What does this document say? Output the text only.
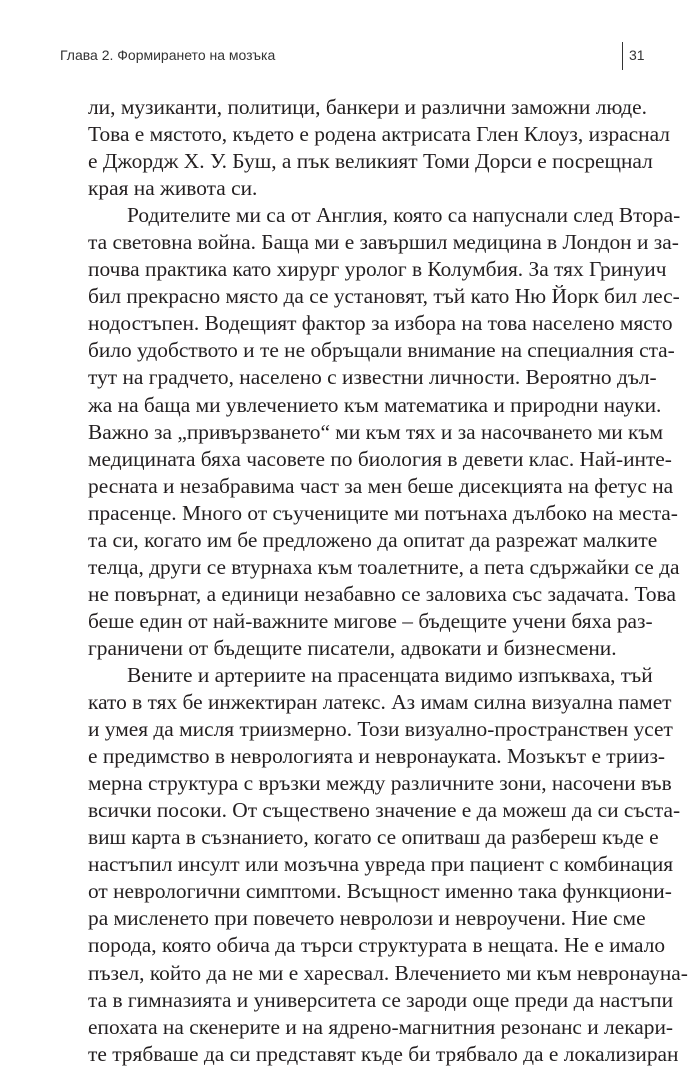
Глава 2. Формирането на мозъка	31
ли, музиканти, политици, банкери и различни заможни люде.
Това е мястото, където е родена актрисата Глен Клоуз, израснал
е Джордж Х. У. Буш, а пък великият Томи Дорси е посрещнал
края на живота си.
Родителите ми са от Англия, която са напуснали след Втора-
та световна война. Баща ми е завършил медицина в Лондон и за-
почва практика като хирург уролог в Колумбия. За тях Гринуич
бил прекрасно място да се установят, тъй като Ню Йорк бил лес-
нодостъпен. Водещият фактор за избора на това населено място
било удобството и те не обръщали внимание на специалния ста-
тут на градчето, населено с известни личности. Вероятно дъл-
жа на баща ми увлечението към математика и природни науки.
Важно за „привързването“ ми към тях и за насочването ми към
медицината бяха часовете по биология в девети клас. Най-инте-
ресната и незабравима част за мен беше дисекцията на фетус на
прасенце. Много от съучениците ми потънаха дълбоко на места-
та си, когато им бе предложено да опитат да разрежат малките
телца, други се втурнаха към тоалетните, а пета сдържайки се да
не повърнат, а единици незабавно се заловиха със задачата. Това
беше един от най-важните мигове – бъдещите учени бяха раз-
граничени от бъдещите писатели, адвокати и бизнесмени.
Вените и артериите на прасенцата видимо изпъкваха, тъй
като в тях бе инжектиран латекс. Аз имам силна визуална памет
и умея да мисля триизмерно. Този визуално-пространствен усет
е предимство в неврологията и невронауката. Мозъкът е трииз-
мерна структура с връзки между различните зони, насочени във
всички посоки. От съществено значение е да можеш да си съста-
виш карта в съзнанието, когато се опитваш да разбереш къде е
настъпил инсулт или мозъчна увреда при пациент с комбинация
от неврологични симптоми. Всъщност именно така функциони-
ра мисленето при повечето невролози и невроучени. Ние сме
порода, която обича да търси структурата в нещата. Не е имало
пъзел, който да не ми е харесвал. Влечението ми към невронауна-
та в гимназията и университета се зароди още преди да настъпи
епохата на скенерите и на ядрено-магнитния резонанс и лекари-
те трябваше да си представят къде би трябвало да е локализиран
